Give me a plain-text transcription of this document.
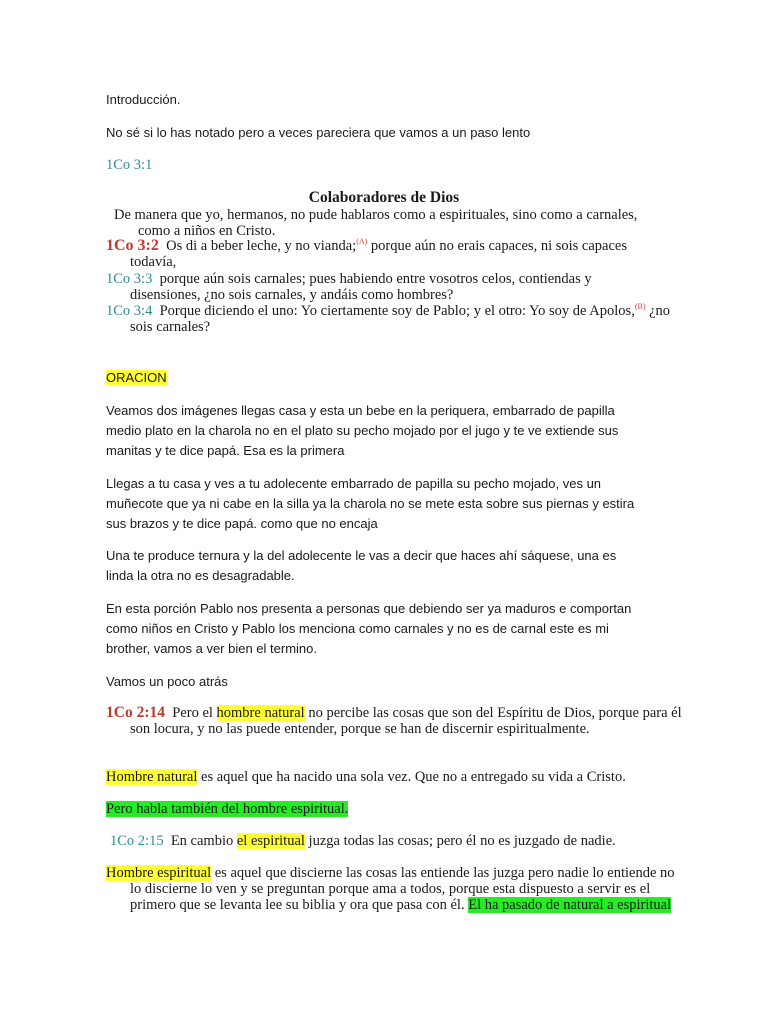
Introducción.
No sé si lo has notado pero a veces pareciera que vamos a un paso lento
1Co 3:1
Colaboradores de Dios
De manera que yo, hermanos, no pude hablaros como a espirituales, sino como a carnales, como a niños en Cristo.
1Co 3:2 Os di a beber leche, y no vianda;$^{(A)}$ porque aún no erais capaces, ni sois capaces todavía,
1Co 3:3 porque aún sois carnales; pues habiendo entre vosotros celos, contiendas y disensiones, ¿no sois carnales, y andáis como hombres?
1Co 3:4 Porque diciendo el uno: Yo ciertamente soy de Pablo; y el otro: Yo soy de Apolos,$^{(B)}$ ¿no sois carnales?
ORACION
Veamos dos imágenes llegas casa y esta un bebe en la periquera, embarrado de papilla medio plato en la charola no en el plato su pecho mojado por el jugo y te ve extiende sus manitas y te dice papá. Esa es la primera
Llegas a tu casa y ves a tu adolecente embarrado de papilla su pecho mojado, ves un muñecote que ya ni cabe en la silla ya la charola no se mete esta sobre sus piernas y estira sus brazos y te dice papá. como que no encaja
Una te produce ternura y la del adolecente le vas a decir que haces ahí sáquese, una es linda la otra no es desagradable.
En esta porción Pablo nos presenta a personas que debiendo ser ya maduros e comportan como niños en Cristo y Pablo los menciona como carnales y no es de carnal este es mi brother, vamos a ver bien el termino.
Vamos un poco atrás
1Co 2:14 Pero el hombre natural no percibe las cosas que son del Espíritu de Dios, porque para él son locura, y no las puede entender, porque se han de discernir espiritualmente.
Hombre natural es aquel que ha nacido una sola vez. Que no a entregado su vida a Cristo.
Pero habla también del hombre espiritual.
1Co 2:15 En cambio el espiritual juzga todas las cosas; pero él no es juzgado de nadie.
Hombre espiritual es aquel que discierne las cosas las entiende las juzga pero nadie lo entiende no lo discierne lo ven y se preguntan porque ama a todos, porque esta dispuesto a servir es el primero que se levanta lee su biblia y ora que pasa con él. El ha pasado de natural a espiritual
